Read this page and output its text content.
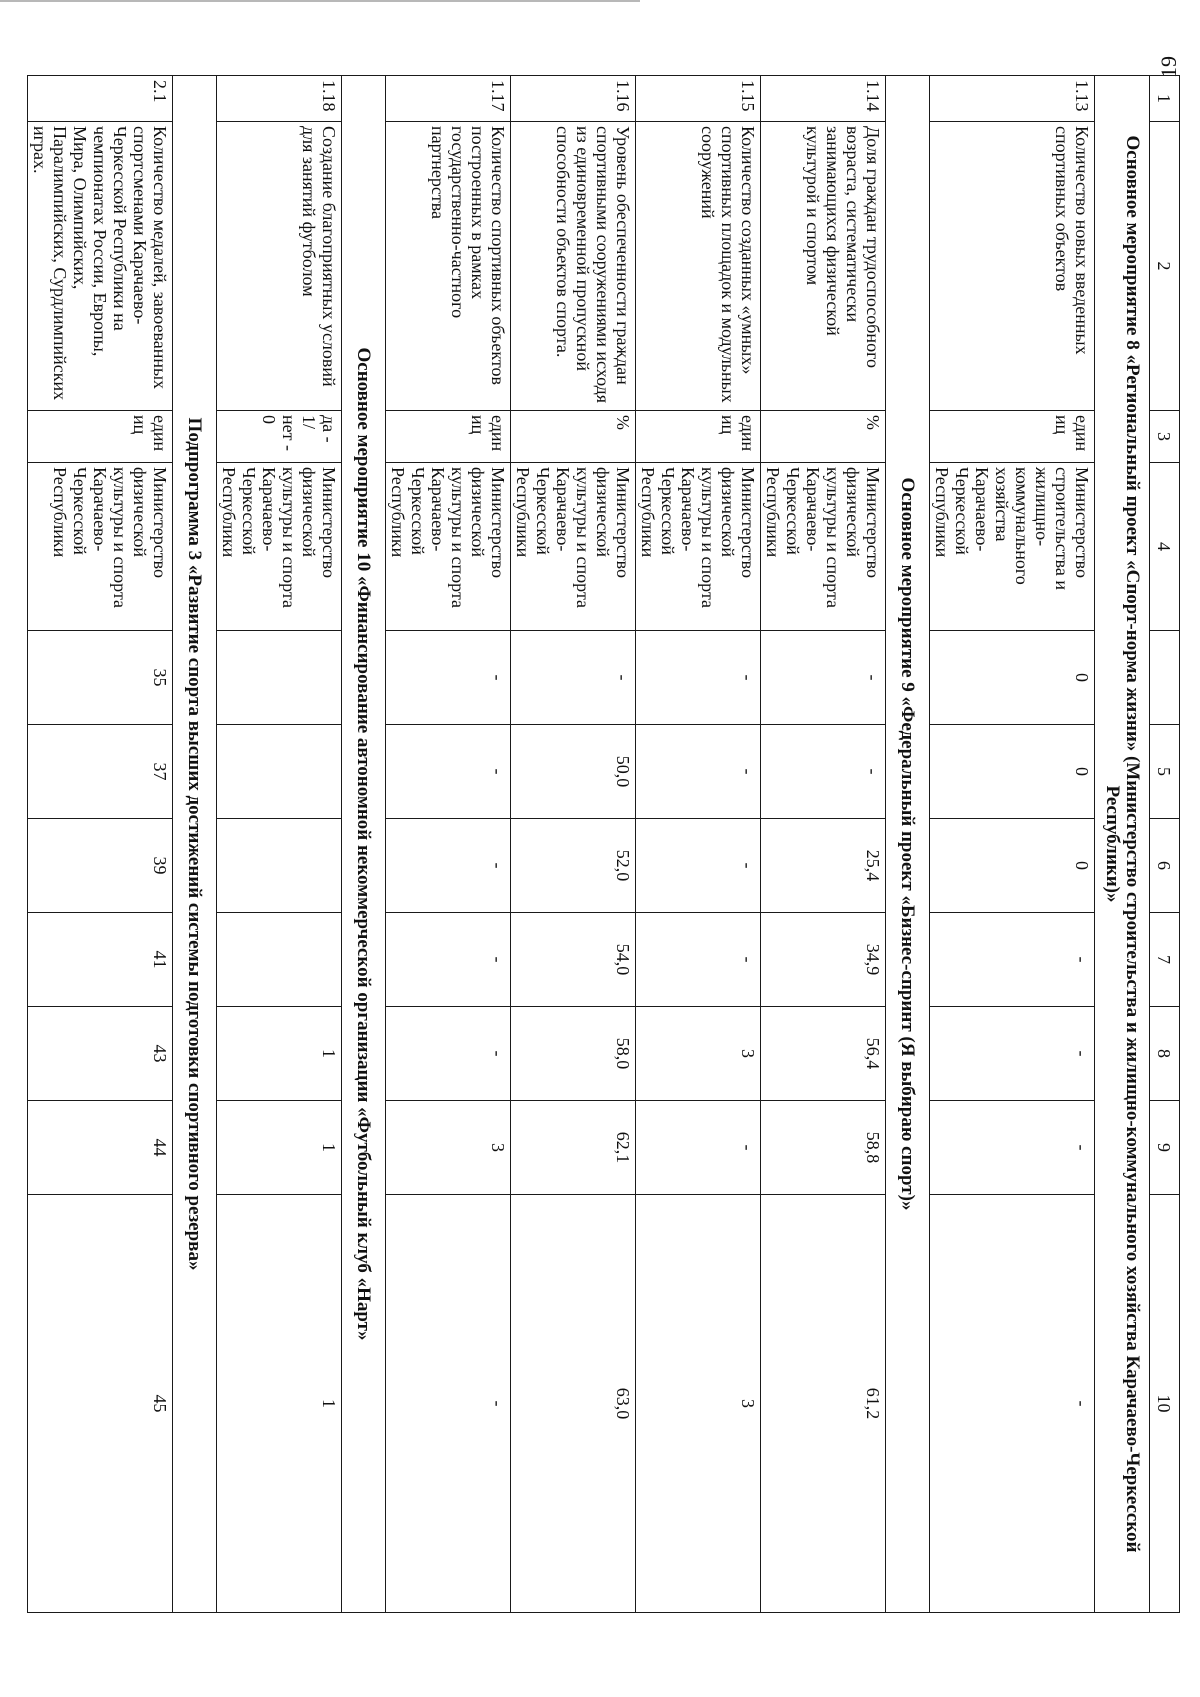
19
1	2	3	4		5	6	7	8	9	10
Основное мероприятие 8 «Региональный проект «Спорт-норма жизни» (Министерство строительства и жилищно-коммунального хозяйства Карачаево-Черкесской Республики)»										
1.13	Количество новых введенных спортивных объектов	единиц	Министерство строительства и жилищно-коммунального хозяйства Карачаево-Черкесской Республики	0	0	0	-	-	-	-
Основное мероприятие 9 «Федеральный проект «Бизнес-спринт (Я выбираю спорт)»										
1.14	Доля граждан трудоспособного возраста, систематически занимающихся физической культурой и спортом	%	Министерство физической культуры и спорта Карачаево-Черкесской Республики	-	-	25,4	34,9	56,4	58,8	61,2
1.15	Количество созданных «умных» спортивных площадок и модульных сооружений	единиц	Министерство физической культуры и спорта Карачаево-Черкесской Республики	-	-	-	-	3	-	3
1.16	Уровень обеспеченности граждан спортивными сооружениями исходя из единовременной пропускной способности объектов спорта.	%	Министерство физической культуры и спорта Карачаево-Черкесской Республики	-	50,0	52,0	54,0	58,0	62,1	63,0
1.17	Количество спортивных объектов построенных в рамках государственно-частного партнерства	единиц	Министерство физической культуры и спорта Карачаево-Черкесской Республики	-	-	-	-	-	3	-
Основное мероприятие 10 «Финансирование автономной некоммерческой организации «Футбольный клуб «Нарт»										
1.18	Создание благоприятных условий для занятий футболом	да - 1/ нет - 0	Министерство физической культуры и спорта Карачаево-Черкесской Республики					1	1	1
Подпрограмма 3 «Развитие спорта высших достижений системы подготовки спортивного резерва»										
2.1	Количество медалей, завоеванных спортсменами Карачаево-Черкесской Республики на чемпионатах России, Европы, Мира, Олимпийских, Паралимпийских, Сурдлимпийских играх.	единиц	Министерство физической культуры и спорта Карачаево-Черкесской Республики	35	37	39	41	43	44	45
